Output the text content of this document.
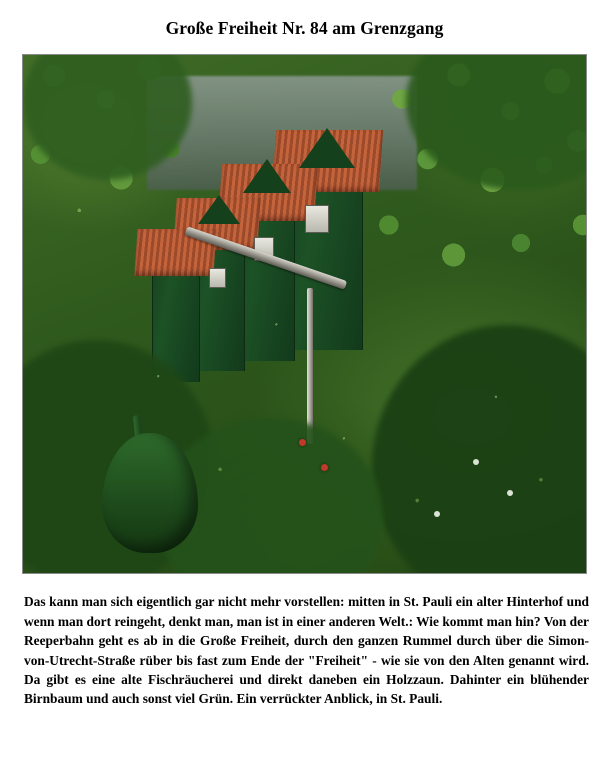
Große Freiheit Nr. 84 am Grenzgang

Das kann man sich eigentlich gar nicht mehr vorstellen: mitten in St. Pauli ein alter Hinterhof und wenn man dort reingeht, denkt man, man ist in einer anderen Welt.: Wie kommt man hin? Von der Reeperbahn geht es ab in die Große Freiheit, durch den ganzen Rummel durch über die Simon-von-Utrecht-Straße rüber bis fast zum Ende der "Freiheit" - wie sie von den Alten genannt wird. Da gibt es eine alte Fischräucherei und direkt daneben ein Holzzaun. Dahinter ein blühender Birnbaum und auch sonst viel Grün. Ein verrückter Anblick, in St. Pauli.
